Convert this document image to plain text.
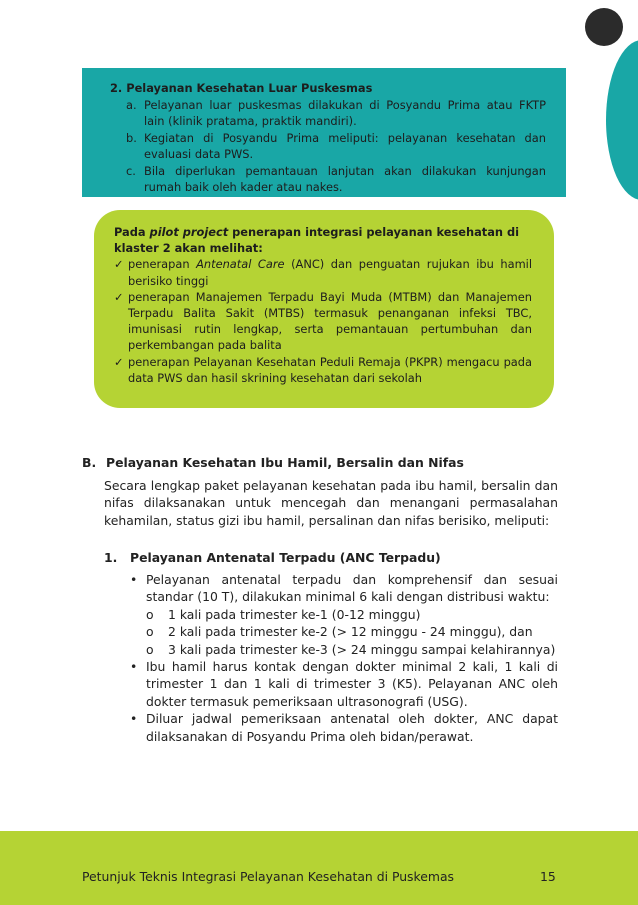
2. Pelayanan Kesehatan Luar Puskesmas
a. Pelayanan luar puskesmas dilakukan di Posyandu Prima atau FKTP lain (klinik pratama, praktik mandiri).
b. Kegiatan di Posyandu Prima meliputi: pelayanan kesehatan dan evaluasi data PWS.
c. Bila diperlukan pemantauan lanjutan akan dilakukan kunjungan rumah baik oleh kader atau nakes.
Pada pilot project penerapan integrasi pelayanan kesehatan di klaster 2 akan melihat:
✓ penerapan Antenatal Care (ANC) dan penguatan rujukan ibu hamil berisiko tinggi
✓ penerapan Manajemen Terpadu Bayi Muda (MTBM) dan Manajemen Terpadu Balita Sakit (MTBS) termasuk penanganan infeksi TBC, imunisasi rutin lengkap, serta pemantauan pertumbuhan dan perkembangan pada balita
✓ penerapan Pelayanan Kesehatan Peduli Remaja (PKPR) mengacu pada data PWS dan hasil skrining kesehatan dari sekolah
B. Pelayanan Kesehatan Ibu Hamil, Bersalin dan Nifas
Secara lengkap paket pelayanan kesehatan pada ibu hamil, bersalin dan nifas dilaksanakan untuk mencegah dan menangani permasalahan kehamilan, status gizi ibu hamil, persalinan dan nifas berisiko, meliputi:
1. Pelayanan Antenatal Terpadu (ANC Terpadu)
• Pelayanan antenatal terpadu dan komprehensif dan sesuai standar (10 T), dilakukan minimal 6 kali dengan distribusi waktu:
o	1 kali pada trimester ke-1 (0-12 minggu)
o	2 kali pada trimester ke-2 (> 12 minggu - 24 minggu), dan
o	3 kali pada trimester ke-3 (> 24 minggu sampai kelahirannya)
• Ibu hamil harus kontak dengan dokter minimal 2 kali, 1 kali di trimester 1 dan 1 kali di trimester 3 (K5). Pelayanan ANC oleh dokter termasuk pemeriksaan ultrasonografi (USG).
• Diluar jadwal pemeriksaan antenatal oleh dokter, ANC dapat dilaksanakan di Posyandu Prima oleh bidan/perawat.
Petunjuk Teknis Integrasi Pelayanan Kesehatan di Puskemas	15
